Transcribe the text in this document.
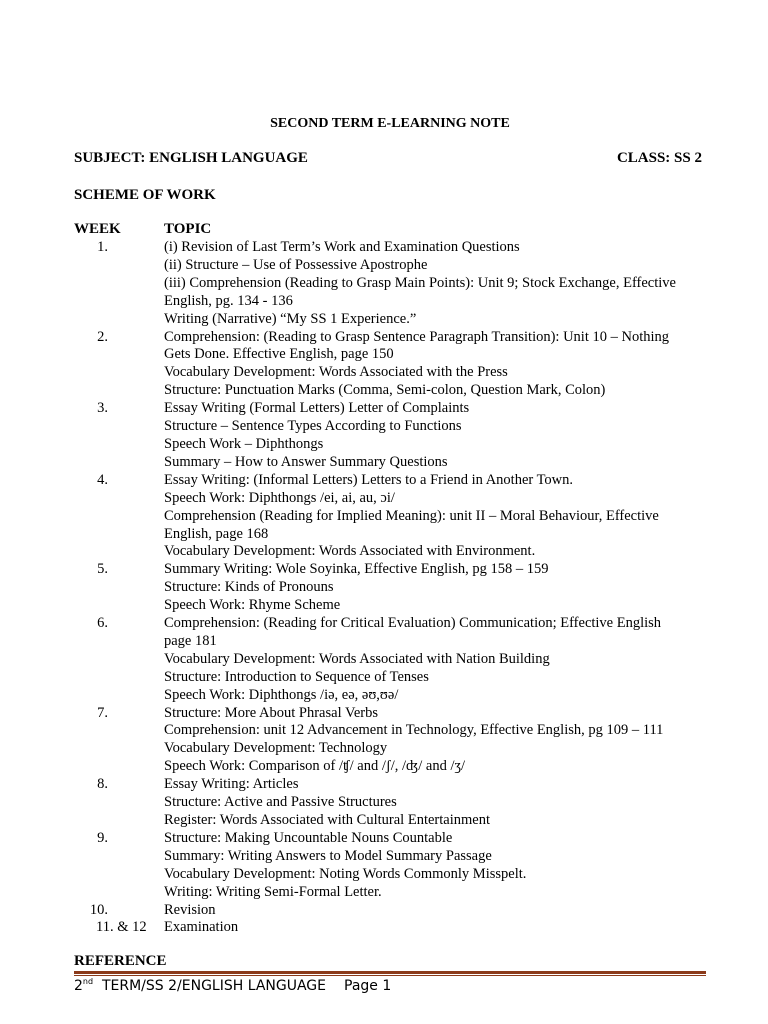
SECOND TERM E-LEARNING NOTE
SUBJECT: ENGLISH LANGUAGE	CLASS: SS 2
SCHEME OF WORK
WEEK	TOPIC
1.	(i) Revision of Last Term’s Work and Examination Questions
(ii) Structure – Use of Possessive Apostrophe
(iii) Comprehension (Reading to Grasp Main Points): Unit 9; Stock Exchange, Effective
English, pg. 134 - 136
Writing (Narrative) “My SS 1 Experience.”
2.	Comprehension: (Reading to Grasp Sentence Paragraph Transition): Unit 10 – Nothing
Gets Done. Effective English, page 150
Vocabulary Development: Words Associated with the Press
Structure: Punctuation Marks (Comma, Semi-colon, Question Mark, Colon)
3.	Essay Writing (Formal Letters) Letter of Complaints
Structure – Sentence Types According to Functions
Speech Work – Diphthongs
Summary – How to Answer Summary Questions
4.	Essay Writing: (Informal Letters) Letters to a Friend in Another Town.
Speech Work: Diphthongs /ei, ai, au, ɔi/
Comprehension (Reading for Implied Meaning): unit II – Moral Behaviour, Effective
English, page 168
Vocabulary Development: Words Associated with Environment.
5.	Summary Writing: Wole Soyinka, Effective English, pg 158 – 159
Structure: Kinds of Pronouns
Speech Work: Rhyme Scheme
6.	Comprehension: (Reading for Critical Evaluation) Communication; Effective English
page 181
Vocabulary Development: Words Associated with Nation Building
Structure: Introduction to Sequence of Tenses
Speech Work: Diphthongs /iə, eə, əʊ,ʊə/
7.	Structure: More About Phrasal Verbs
Comprehension: unit 12 Advancement in Technology, Effective English, pg 109 – 111
Vocabulary Development: Technology
Speech Work: Comparison of /ʧ/ and /ʃ/, /ʤ/ and /ʒ/
8.	Essay Writing: Articles
Structure: Active and Passive Structures
Register: Words Associated with Cultural Entertainment
9.	Structure: Making Uncountable Nouns Countable
Summary: Writing Answers to Model Summary Passage
Vocabulary Development: Noting Words Commonly Misspelt.
Writing: Writing Semi-Formal Letter.
10.	Revision
11. & 12 Examination
REFERENCE
2nd  TERM/SS 2/ENGLISH LANGUAGE Page 1
